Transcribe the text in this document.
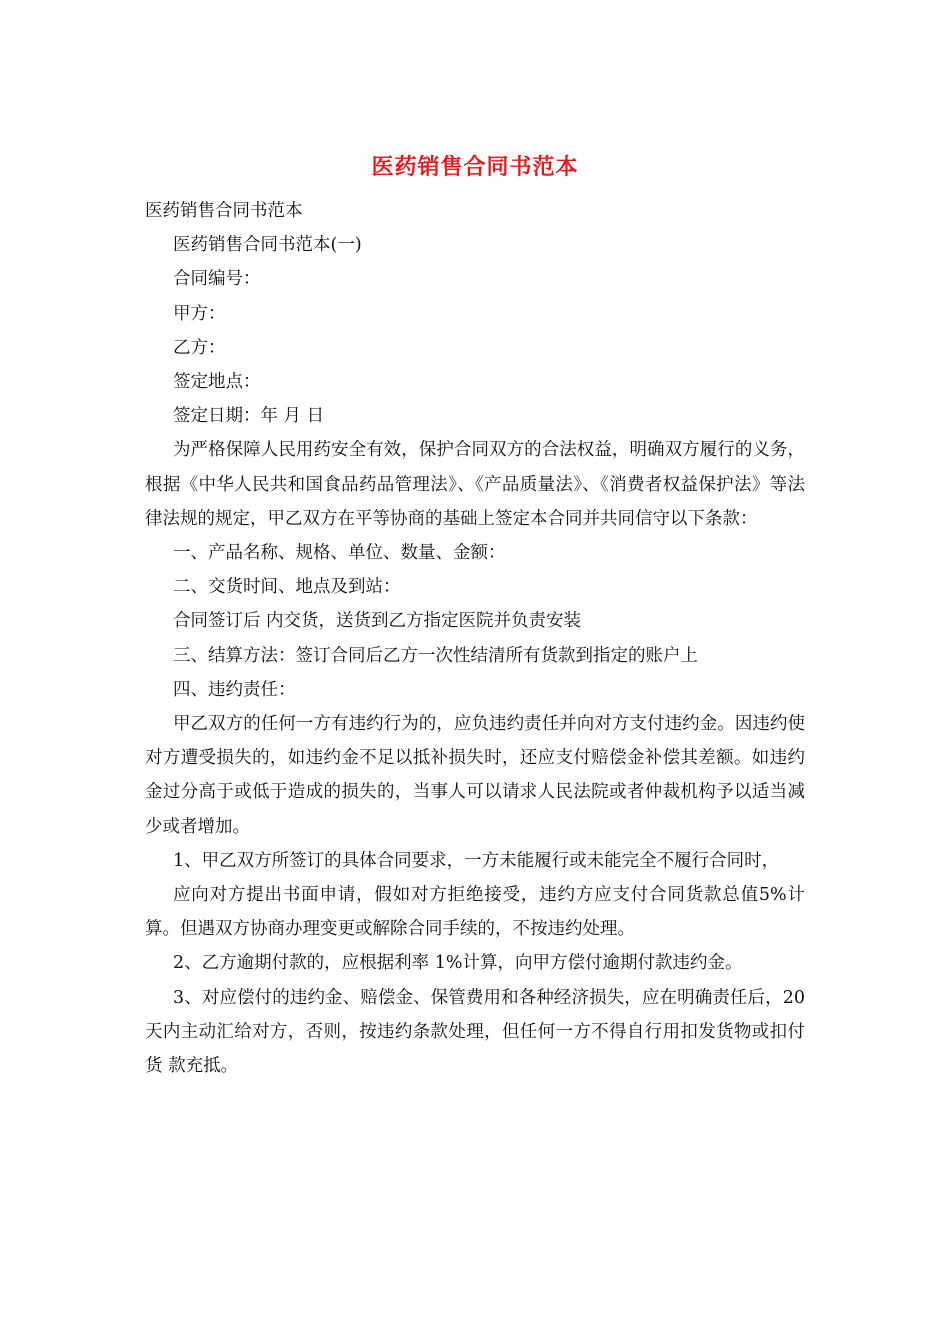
医药销售合同书范本

医药销售合同书范本

医药销售合同书范本(一)

合同编号：

甲方：

乙方：

签定地点：

签定日期：年 月 日

为严格保障人民用药安全有效，保护合同双方的合法权益，明确双方履行的义务，根据《中华人民共和国食品药品管理法》、《产品质量法》、《消费者权益保护法》等法律法规的规定，甲乙双方在平等协商的基础上签定本合同并共同信守以下条款：

一、产品名称、规格、单位、数量、金额：

二、交货时间、地点及到站：

合同签订后 内交货，送货到乙方指定医院并负责安装

三、结算方法：签订合同后乙方一次性结清所有货款到指定的账户上

四、违约责任：

甲乙双方的任何一方有违约行为的，应负违约责任并向对方支付违约金。因违约使对方遭受损失的，如违约金不足以抵补损失时，还应支付赔偿金补偿其差额。如违约金过分高于或低于造成的损失的，当事人可以请求人民法院或者仲裁机构予以适当减少或者增加。

1、甲乙双方所签订的具体合同要求，一方未能履行或未能完全不履行合同时，

应向对方提出书面申请，假如对方拒绝接受，违约方应支付合同货款总值5%计算。但遇双方协商办理变更或解除合同手续的，不按违约处理。

2、乙方逾期付款的，应根据利率 1%计算，向甲方偿付逾期付款违约金。

3、对应偿付的违约金、赔偿金、保管费用和各种经济损失，应在明确责任后，20 天内主动汇给对方，否则，按违约条款处理，但任何一方不得自行用扣发货物或扣付货 款充抵。
